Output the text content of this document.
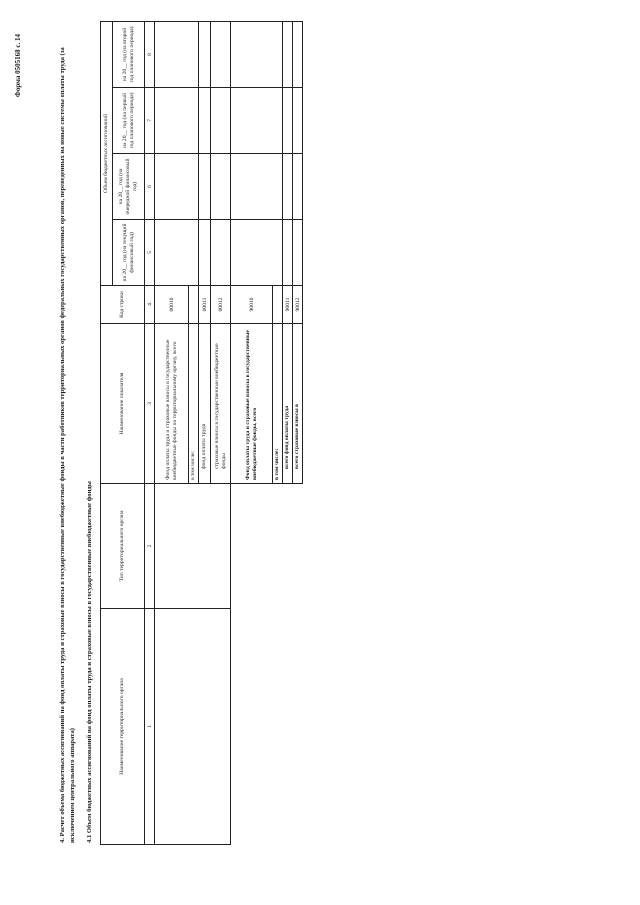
Форма 0505168 с. 14	4. Расчет объема бюджетных ассигнований на фонд оплаты труда и страховые взносы в государственные внебюджетные фонды в части работников территориальных органов федеральных государственных органов, переведенных на новые системы оплаты труда (за исключением центрального аппарата)	4.1 Объем бюджетных ассигнований на фонд оплаты труда и страховые взносы в государственные внебюджетные фонды	Наименование территориального органа	Тип территориального органа	Наименование показателя	Код строки	Объем бюджетных ассигнований			
				на 20__ год (на текущий финансовый год)	на 20__ год (на очередной финансовый год)	на 20__ год (на первый год планового периода)	на 20__ год (на второй год планового периода)
1	2	3	4	5	6	7	8
		Фонд оплаты труда и страховые взносы в государственные внебюджетные фонды по территориальному органу, всего	00010				
		в том числе:					
		фонд оплаты труда	00011				
		страховые взносы в государственные внебюджетные фонды	00012				
		Фонд оплаты труда и страховые взносы в государственные внебюджетные фонды, всего	90010				
		в том числе:					
		всего фонд оплаты труда	90011				
		всего страховые взносы в	90012				
